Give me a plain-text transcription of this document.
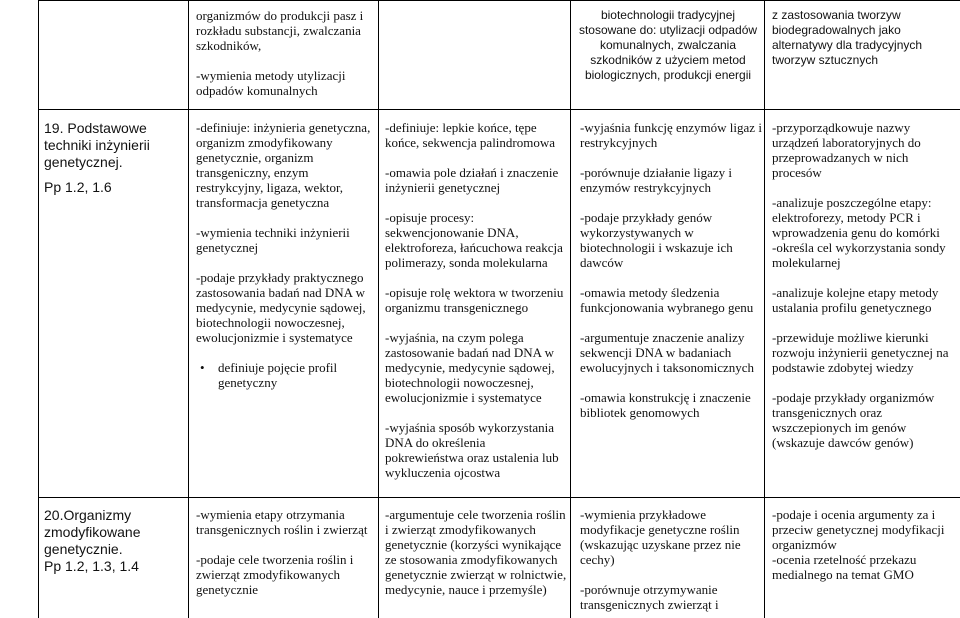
organizmów do produkcji pasz i

rozkładu substancji, zwalczania

szkodników,

-wymienia metody utylizacji

odpadów komunalnych

biotechnologii tradycyjnej

stosowane do: utylizacji odpadów

komunalnych, zwalczania

szkodników z użyciem metod

biologicznych, produkcji energii

z zastosowania tworzyw

biodegradowalnych jako

alternatywy dla tradycyjnych

tworzyw sztucznych

19. Podstawowe techniki inżynierii genetycznej.

Pp 1.2, 1.6

-definiuje: inżynieria genetyczna,

organizm zmodyfikowany

genetycznie, organizm

transgeniczny, enzym

restrykcyjny, ligaza, wektor,

transformacja genetyczna

-wymienia techniki inżynierii

genetycznej

-podaje przykłady praktycznego

zastosowania badań nad DNA w

medycynie, medycynie sądowej,

biotechnologii nowoczesnej,

ewolucjonizmie i systematyce

•	definiuje pojęcie profil

genetyczny

-definiuje: lepkie końce, tępe

końce, sekwencja palindromowa

-omawia pole działań i znaczenie

inżynierii genetycznej

-opisuje procesy:

sekwencjonowanie DNA,

elektroforeza, łańcuchowa reakcja

polimerazy, sonda molekularna

-opisuje rolę wektora w tworzeniu

organizmu transgenicznego

-wyjaśnia, na czym polega

zastosowanie badań nad DNA w

medycynie, medycynie sądowej,

biotechnologii nowoczesnej,

ewolucjonizmie i systematyce

-wyjaśnia sposób wykorzystania

DNA do określenia

pokrewieństwa oraz ustalenia lub

wykluczenia ojcostwa

-wyjaśnia funkcję enzymów ligaz i

restrykcyjnych

-porównuje działanie ligazy i

enzymów restrykcyjnych

-podaje przykłady genów

wykorzystywanych w

biotechnologii i wskazuje ich

dawców

-omawia metody śledzenia

funkcjonowania wybranego genu

-argumentuje znaczenie analizy

sekwencji DNA w badaniach

ewolucyjnych i taksonomicznych

-omawia konstrukcję i znaczenie

bibliotek genomowych

-przyporządkowuje nazwy

urządzeń laboratoryjnych do

przeprowadzanych w nich

procesów

-analizuje poszczególne etapy:

elektroforezy, metody PCR i

wprowadzenia genu do komórki

-określa cel wykorzystania sondy

molekularnej

-analizuje kolejne etapy metody

ustalania profilu genetycznego

-przewiduje możliwe kierunki

rozwoju inżynierii genetycznej na

podstawie zdobytej wiedzy

-podaje przykłady organizmów

transgenicznych oraz

wszczepionych im genów

(wskazuje dawców genów)

20.Organizmy zmodyfikowane genetycznie.

Pp 1.2, 1.3, 1.4

-wymienia etapy otrzymania

transgenicznych roślin i zwierząt

-podaje cele tworzenia roślin i

zwierząt zmodyfikowanych

genetycznie

-argumentuje cele tworzenia roślin

i zwierząt zmodyfikowanych

genetycznie (korzyści wynikające

ze stosowania zmodyfikowanych

genetycznie zwierząt w rolnictwie,

medycynie, nauce i przemyśle)

-wymienia przykładowe

modyfikacje genetyczne roślin

(wskazując uzyskane przez nie

cechy)

-porównuje otrzymywanie

transgenicznych zwierząt i

-podaje i ocenia argumenty za i

przeciw genetycznej modyfikacji

organizmów

-ocenia rzetelność przekazu

medialnego na temat GMO
